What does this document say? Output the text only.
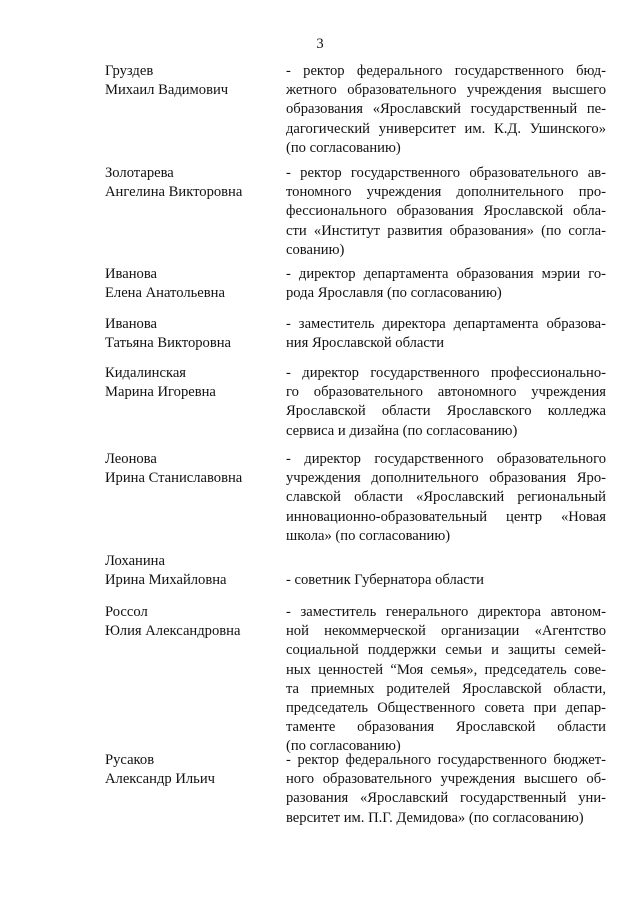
3
Груздев
Михаил Вадимович
- ректор федерального государственного бюд-
жетного образовательного учреждения высшего
образования «Ярославский государственный пе-
дагогический университет им. К.Д. Ушинского»
(по согласованию)
Золотарева
Ангелина Викторовна
- ректор государственного образовательного ав-
тономного учреждения дополнительного про-
фессионального образования Ярославской обла-
сти «Институт развития образования» (по согла-
сованию)
Иванова
Елена Анатольевна
- директор департамента образования мэрии го-
рода Ярославля (по согласованию)
Иванова
Татьяна Викторовна
- заместитель директора департамента образова-
ния Ярославской области
Кидалинская
Марина Игоревна
- директор государственного профессионально-
го образовательного автономного учреждения
Ярославской области Ярославского колледжа
сервиса и дизайна (по согласованию)
Леонова
Ирина Станиславовна
- директор государственного образовательного
учреждения дополнительного образования Яро-
славской области «Ярославский региональный
инновационно-образовательный центр «Новая
школа» (по согласованию)
Лоханина
Ирина Михайловна
	- советник Губернатора области
Россол
Юлия Александровна
- заместитель генерального директора автоном-
ной некоммерческой организации «Агентство
социальной поддержки семьи и защиты семей-
ных ценностей “Моя семья», председатель сове-
та приемных родителей Ярославской области,
председатель Общественного совета при депар-
таменте образования Ярославской области
(по согласованию)
Русаков
Александр Ильич
- ректор федерального государственного бюджет-
ного образовательного учреждения высшего об-
разования «Ярославский государственный уни-
верситет им. П.Г. Демидова» (по согласованию)
